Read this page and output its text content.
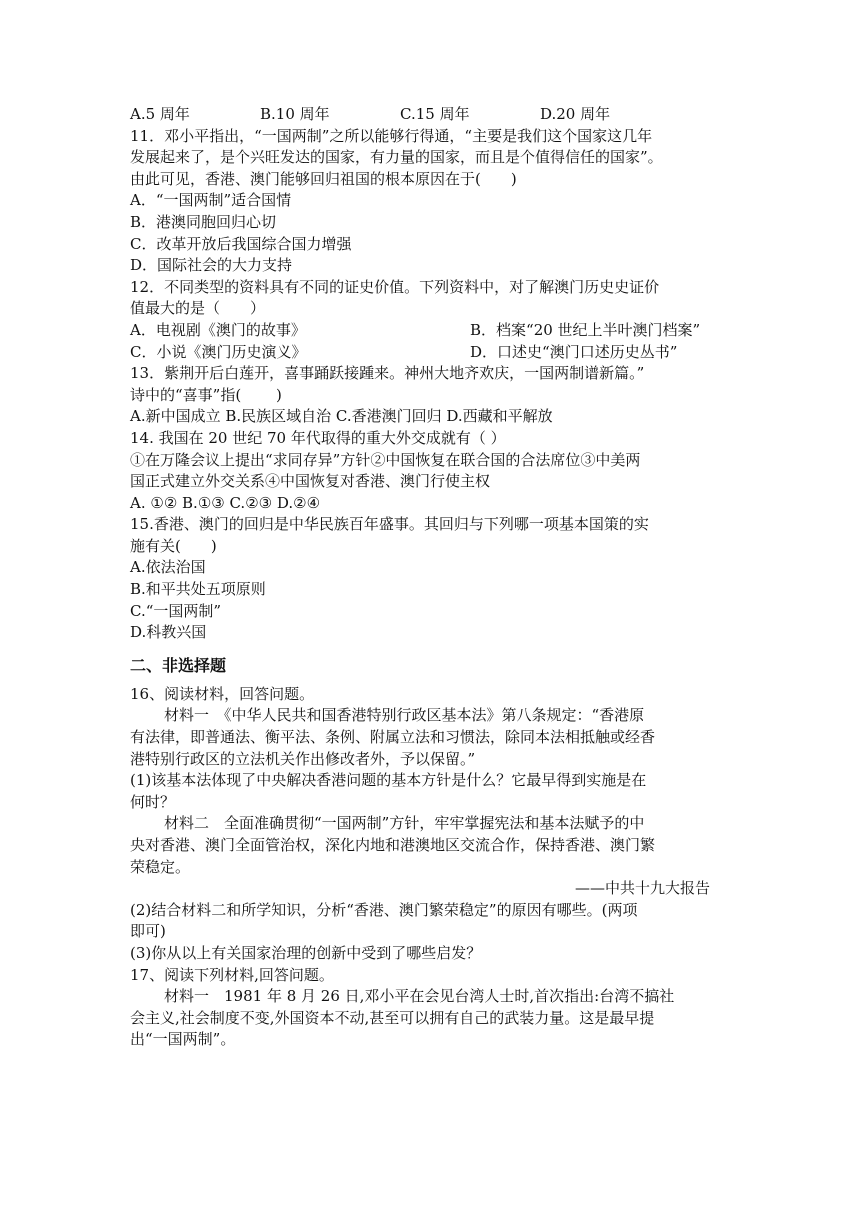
A.5 周年	B.10 周年	C.15 周年	D.20 周年
11．邓小平指出，“一国两制”之所以能够行得通，“主要是我们这个国家这几年
发展起来了，是个兴旺发达的国家，有力量的国家，而且是个值得信任的国家”。
由此可见，香港、澳门能够回归祖国的根本原因在于(　　)
A．“一国两制”适合国情
B．港澳同胞回归心切
C．改革开放后我国综合国力增强
D．国际社会的大力支持
12．不同类型的资料具有不同的证史价值。下列资料中，对了解澳门历史史证价
值最大的是（　　）
A．电视剧《澳门的故事》	B．档案“20 世纪上半叶澳门档案”
C．小说《澳门历史演义》	D．口述史“澳门口述历史丛书”
13．紫荆开后白莲开，喜事踊跃接踵来。神州大地齐欢庆，一国两制谱新篇。”
诗中的“喜事”指(　　 )
A.新中国成立 B.民族区域自治 C.香港澳门回归 D.西藏和平解放
14. 我国在 20 世纪 70 年代取得的重大外交成就有（ ）
①在万隆会议上提出“求同存异”方针②中国恢复在联合国的合法席位③中美两
国正式建立外交关系④中国恢复对香港、澳门行使主权
A. ①② B.①③ C.②③ D.②④
15.香港、澳门的回归是中华民族百年盛事。其回归与下列哪一项基本国策的实
施有关(　　)
A.依法治国
B.和平共处五项原则
C.“一国两制”
D.科教兴国
二、非选择题
16、阅读材料，回答问题。
材料一　《中华人民共和国香港特别行政区基本法》第八条规定：“香港原
有法律，即普通法、衡平法、条例、附属立法和习惯法，除同本法相抵触或经香
港特别行政区的立法机关作出修改者外，予以保留。”
(1)该基本法体现了中央解决香港问题的基本方针是什么？它最早得到实施是在
何时？
材料二　全面准确贯彻“一国两制”方针，牢牢掌握宪法和基本法赋予的中
央对香港、澳门全面管治权，深化内地和港澳地区交流合作，保持香港、澳门繁
荣稳定。
——中共十九大报告
(2)结合材料二和所学知识，分析“香港、澳门繁荣稳定”的原因有哪些。(两项
即可)
(3)你从以上有关国家治理的创新中受到了哪些启发？
17、阅读下列材料,回答问题。
材料一　1981 年 8 月 26 日,邓小平在会见台湾人士时,首次指出:台湾不搞社
会主义,社会制度不变,外国资本不动,甚至可以拥有自己的武装力量。这是最早提
出“一国两制”。
